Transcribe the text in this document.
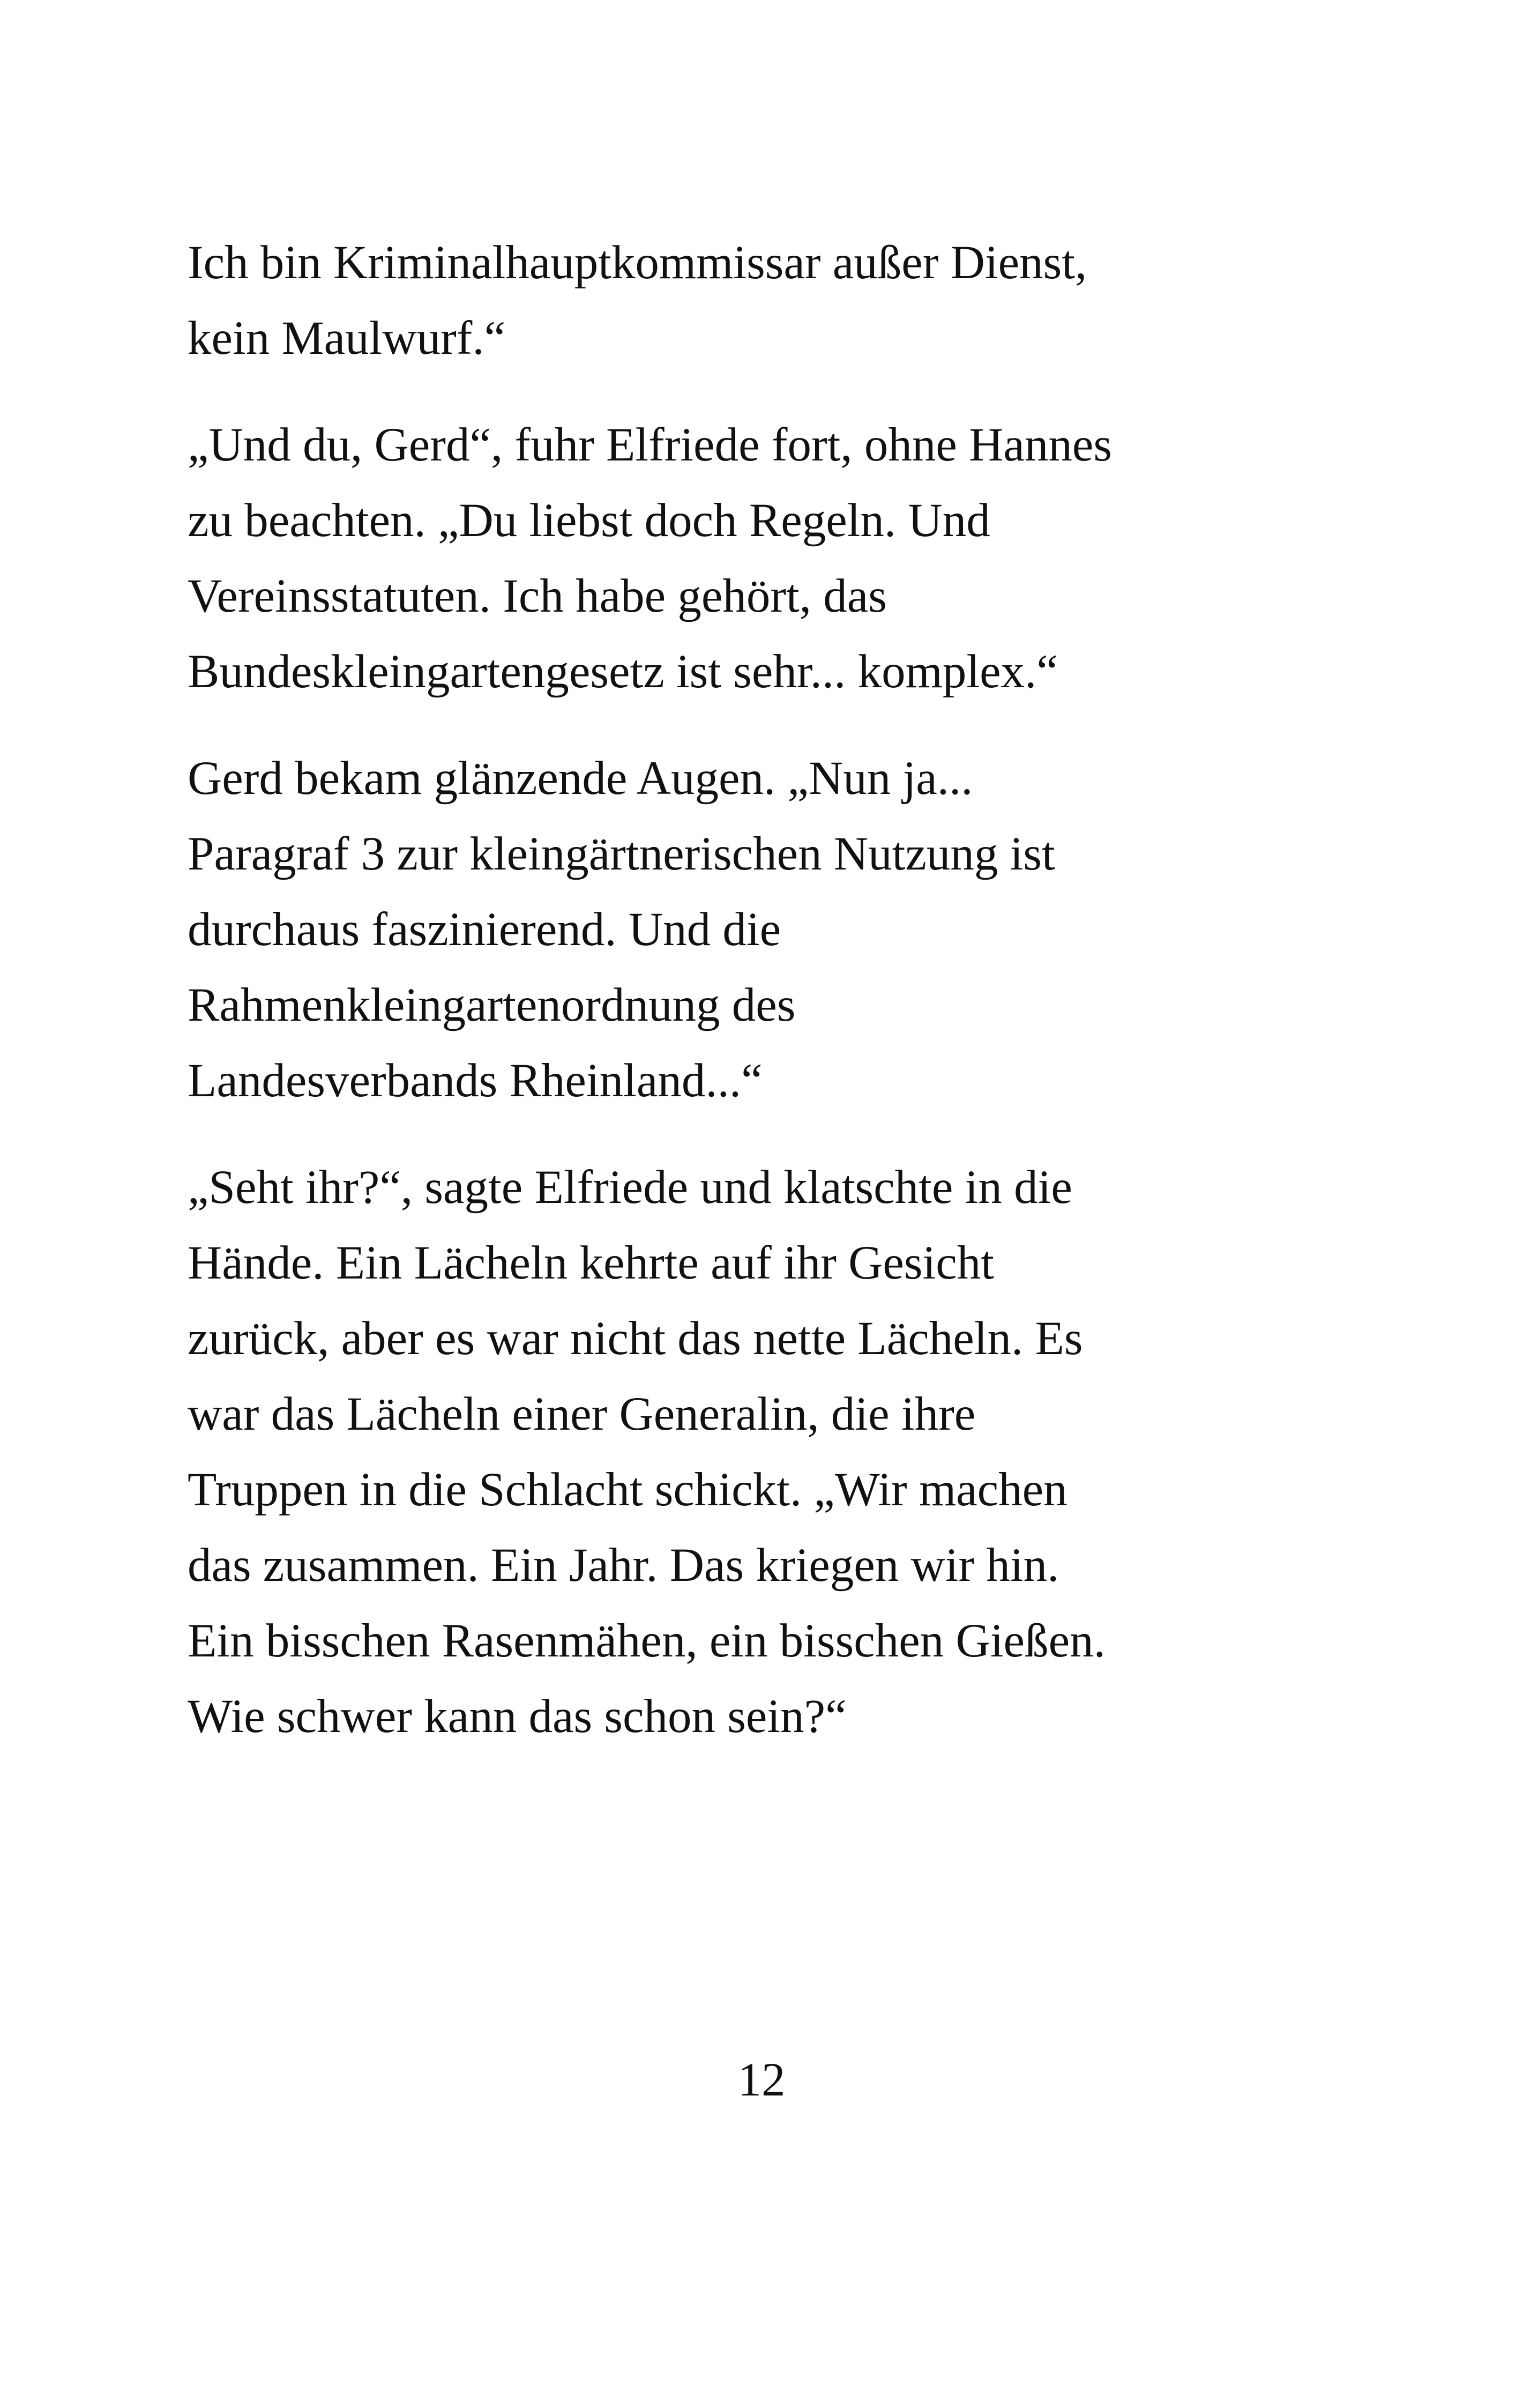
Ich bin Kriminalhauptkommissar außer Dienst,
kein Maulwurf.“
„Und du, Gerd“, fuhr Elfriede fort, ohne Hannes
zu beachten. „Du liebst doch Regeln. Und
Vereinsstatuten. Ich habe gehört, das
Bundeskleingartengesetz ist sehr... komplex.“
Gerd bekam glänzende Augen. „Nun ja...
Paragraf 3 zur kleingärtnerischen Nutzung ist
durchaus faszinierend. Und die
Rahmenkleingartenordnung des
Landesverbands Rheinland...“
„Seht ihr?“, sagte Elfriede und klatschte in die
Hände. Ein Lächeln kehrte auf ihr Gesicht
zurück, aber es war nicht das nette Lächeln. Es
war das Lächeln einer Generalin, die ihre
Truppen in die Schlacht schickt. „Wir machen
das zusammen. Ein Jahr. Das kriegen wir hin.
Ein bisschen Rasenmähen, ein bisschen Gießen.
Wie schwer kann das schon sein?“
12
